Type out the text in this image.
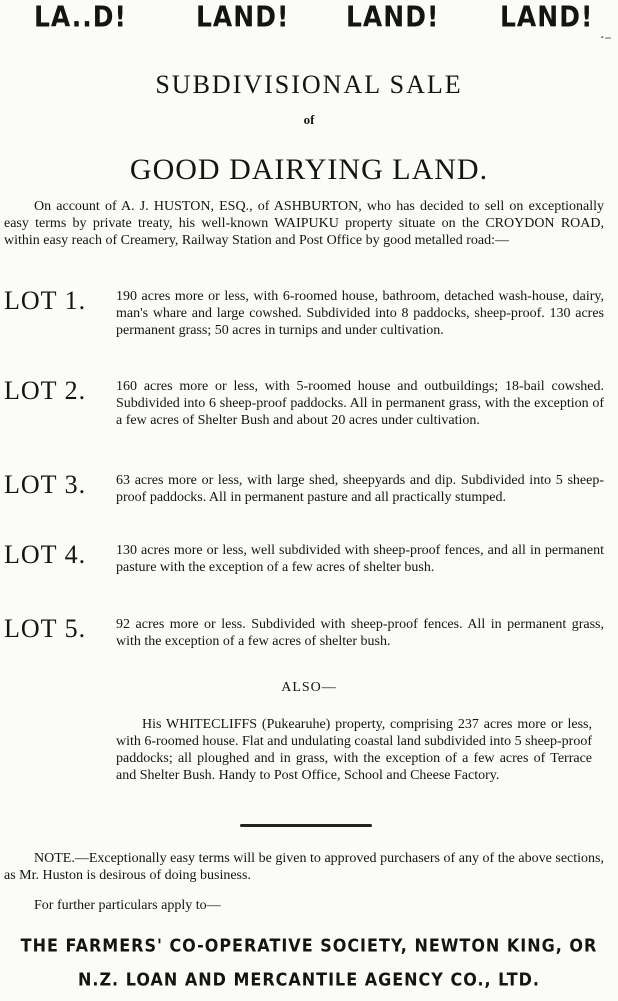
LA..D!	LAND! LAND! LAND!
·–
SUBDIVISIONAL SALE
of
GOOD DAIRYING LAND.
On account of A. J. HUSTON, ESQ., of ASHBURTON, who has decided to sell on exceptionally easy terms by private treaty, his well-known WAIPUKU property situate on the CROYDON ROAD, within easy reach of Creamery, Railway Station and Post Office by good metalled road:—
LOT 1. 190 acres more or less, with 6-roomed house, bathroom, detached wash-house, dairy, man's whare and large cowshed. Subdivided into 8 paddocks, sheep-proof. 130 acres permanent grass; 50 acres in turnips and under cultivation.
LOT 2. 160 acres more or less, with 5-roomed house and outbuildings; 18-bail cowshed. Subdivided into 6 sheep-proof paddocks. All in permanent grass, with the exception of a few acres of Shelter Bush and about 20 acres under cultivation.
LOT 3. 63 acres more or less, with large shed, sheepyards and dip. Subdivided into 5 sheep-proof paddocks. All in permanent pasture and all practically stumped.
LOT 4. 130 acres more or less, well subdivided with sheep-proof fences, and all in permanent pasture with the exception of a few acres of shelter bush.
LOT 5. 92 acres more or less. Subdivided with sheep-proof fences. All in permanent grass, with the exception of a few acres of shelter bush.
ALSO—
His WHITECLIFFS (Pukearuhe) property, comprising 237 acres more or less, with 6-roomed house. Flat and undulating coastal land subdivided into 5 sheep-proof paddocks; all ploughed and in grass, with the exception of a few acres of Terrace and Shelter Bush. Handy to Post Office, School and Cheese Factory.
NOTE.—Exceptionally easy terms will be given to approved purchasers of any of the above sections, as Mr. Huston is desirous of doing business.
For further particulars apply to—
THE FARMERS' CO-OPERATIVE SOCIETY, NEWTON KING, OR
N.Z. LOAN AND MERCANTILE AGENCY CO., LTD.
